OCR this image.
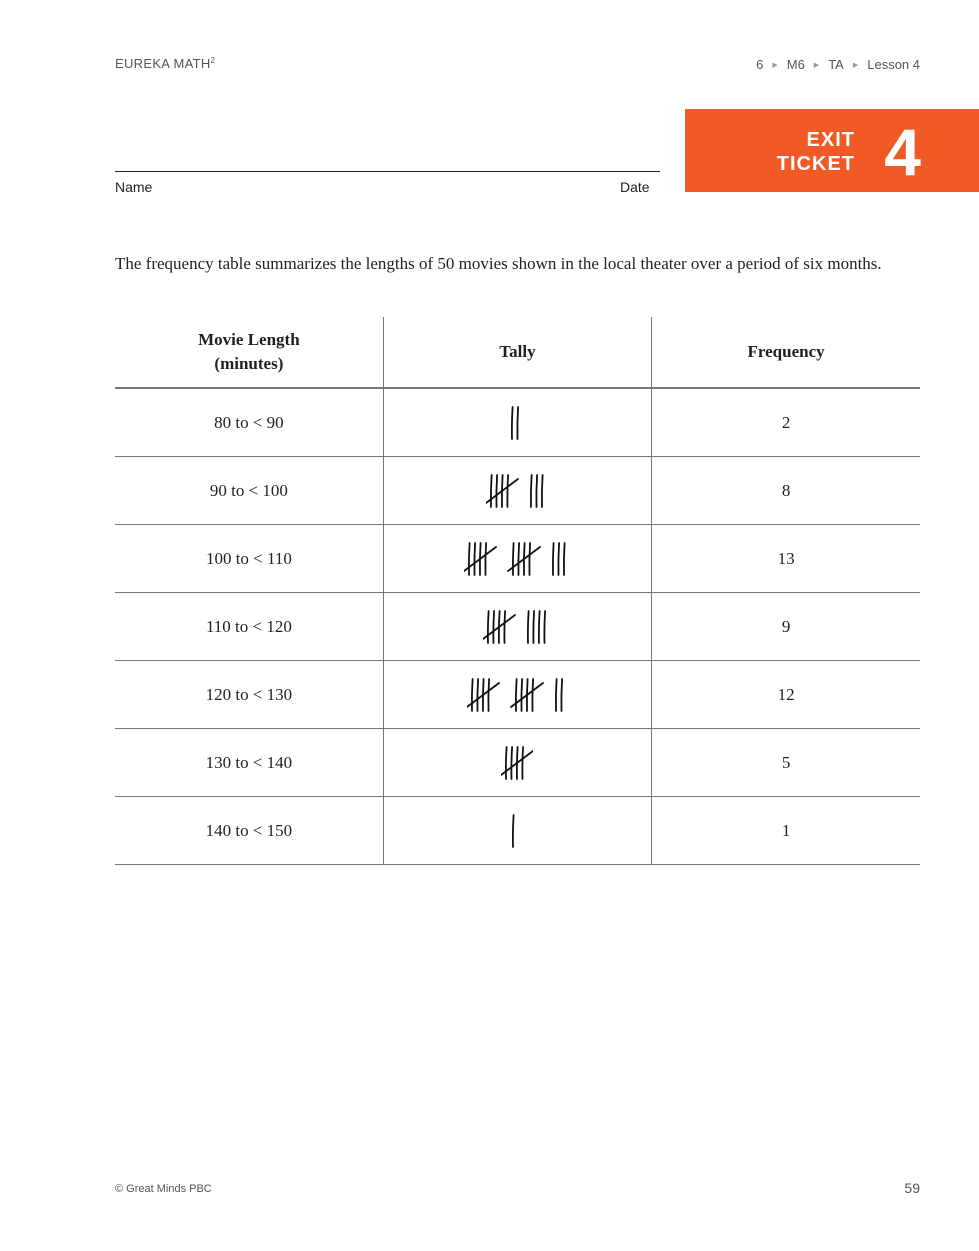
EUREKA MATH$^2$	6 ▶ M6 ▶ TA ▶ Lesson 4
EXIT
TICKET 4
Name	Date
The frequency table summarizes the lengths of 50 movies shown in the local theater over a period of six months.
Movie Length (minutes)	Tally	Frequency
80 to < 90		2
90 to < 100		8
100 to < 110		13
110 to < 120		9
120 to < 130		12
130 to < 140		5
140 to < 150		1
© Great Minds PBC	59
